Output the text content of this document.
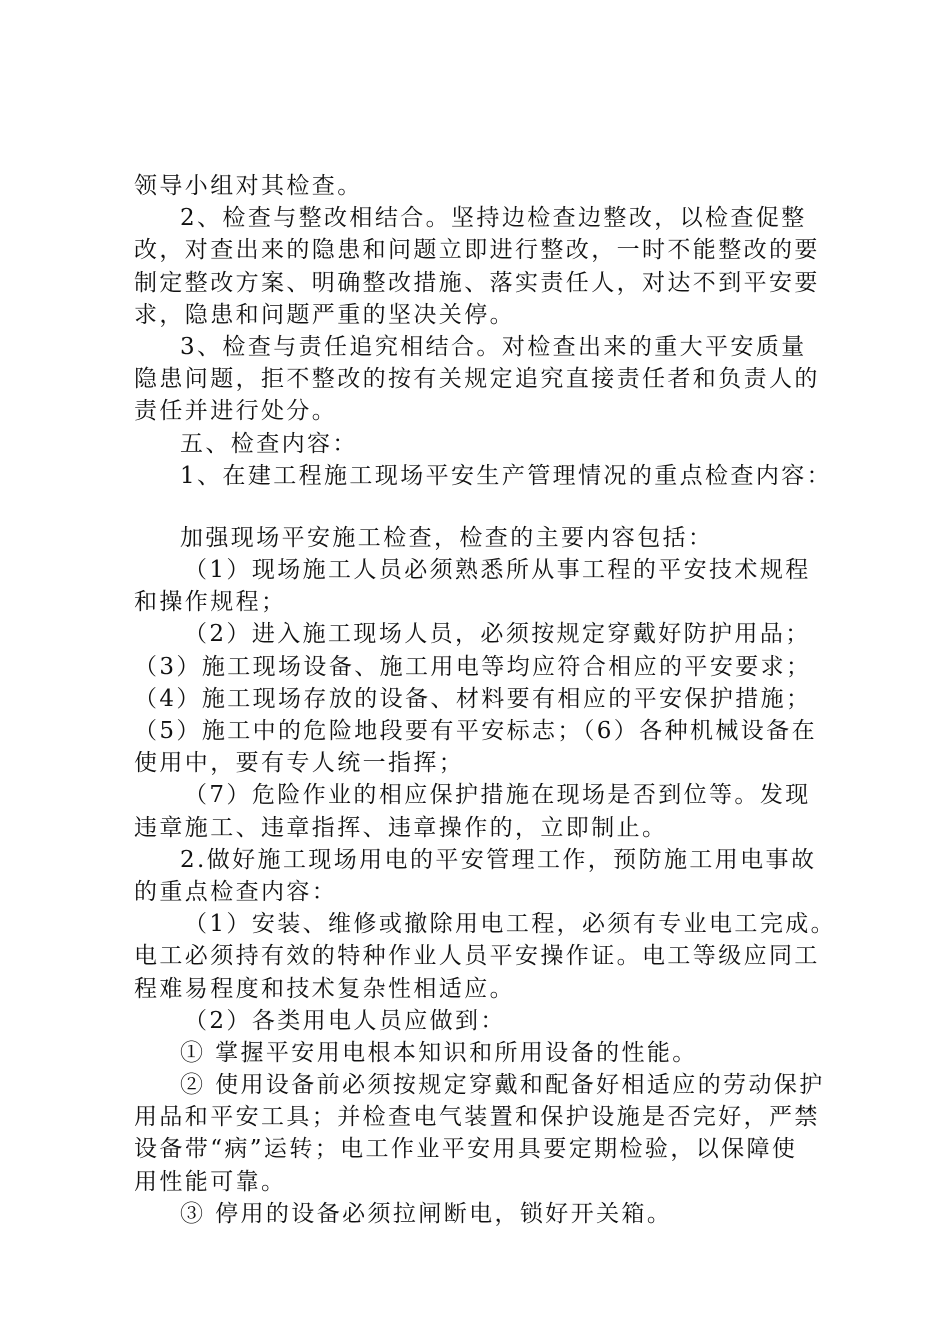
领导小组对其检查。
2、检查与整改相结合。坚持边检查边整改，以检查促整
改，对查出来的隐患和问题立即进行整改，一时不能整改的要
制定整改方案、明确整改措施、落实责任人，对达不到平安要
求，隐患和问题严重的坚决关停。
3、检查与责任追究相结合。对检查出来的重大平安质量
隐患问题，拒不整改的按有关规定追究直接责任者和负责人的
责任并进行处分。
五、检查内容：
1、在建工程施工现场平安生产管理情况的重点检查内容：
加强现场平安施工检查，检查的主要内容包括：
（1）现场施工人员必须熟悉所从事工程的平安技术规程
和操作规程；
（2）进入施工现场人员，必须按规定穿戴好防护用品；
（3）施工现场设备、施工用电等均应符合相应的平安要求；
（4）施工现场存放的设备、材料要有相应的平安保护措施；
（5）施工中的危险地段要有平安标志；（6）各种机械设备在
使用中，要有专人统一指挥；
（7）危险作业的相应保护措施在现场是否到位等。发现
违章施工、违章指挥、违章操作的，立即制止。
2.做好施工现场用电的平安管理工作，预防施工用电事故
的重点检查内容：
（1）安装、维修或撤除用电工程，必须有专业电工完成。
电工必须持有效的特种作业人员平安操作证。电工等级应同工
程难易程度和技术复杂性相适应。
（2）各类用电人员应做到：
① 掌握平安用电根本知识和所用设备的性能。
② 使用设备前必须按规定穿戴和配备好相适应的劳动保护
用品和平安工具；并检查电气装置和保护设施是否完好，严禁
设备带“病”运转；电工作业平安用具要定期检验，以保障使
用性能可靠。
③ 停用的设备必须拉闸断电，锁好开关箱。
